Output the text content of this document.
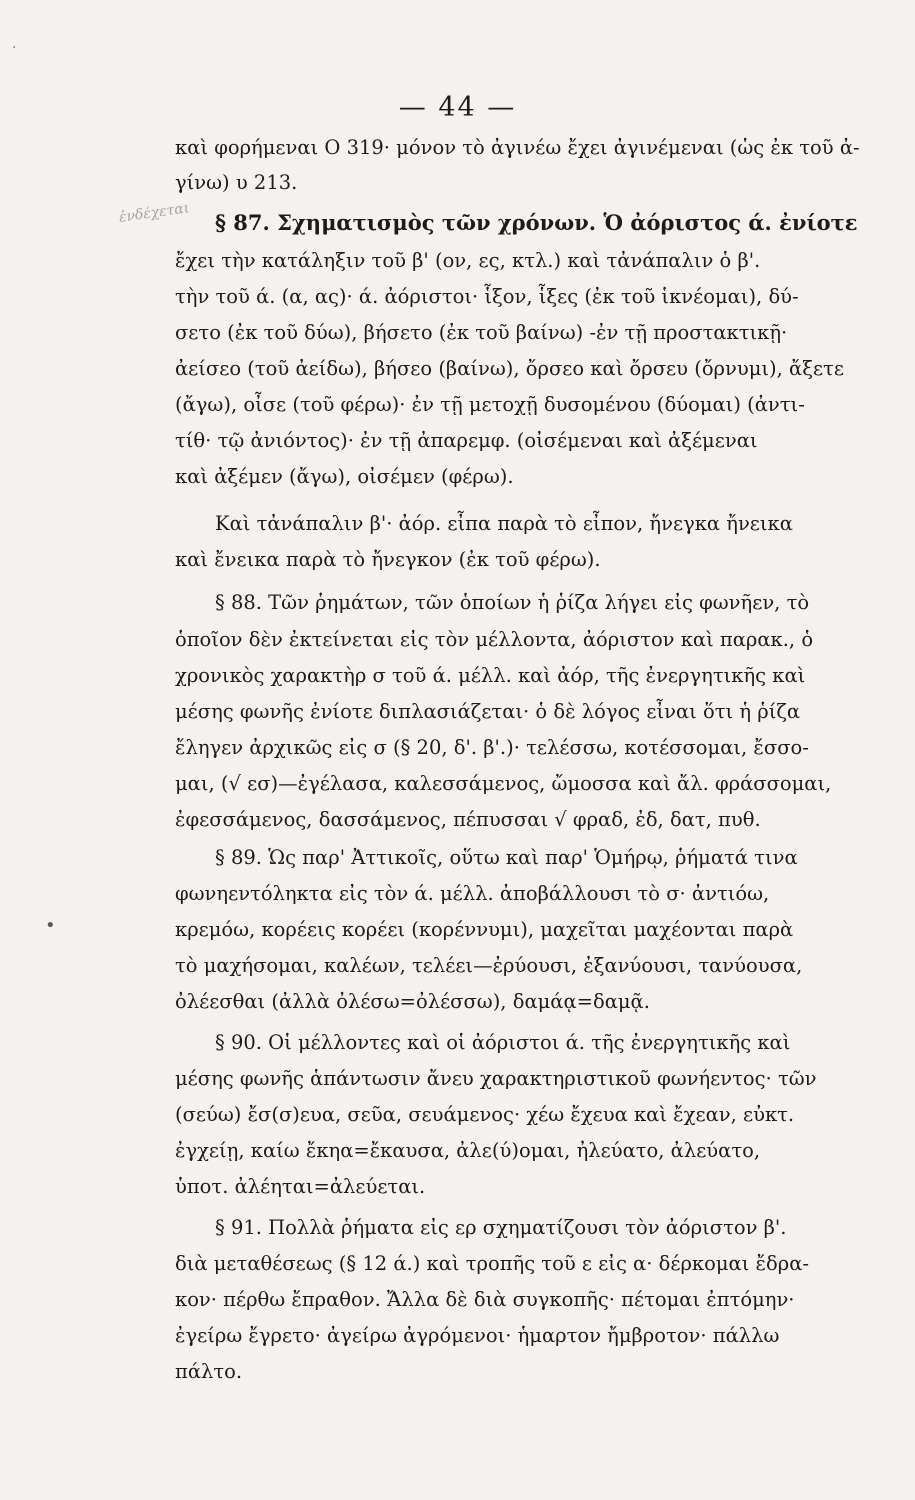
·
— 44 —
ἐνδέχεται
•
καὶ φορήμεναι Ο 319· μόνον τὸ ἀγινέω ἔχει ἀγινέμεναι (ὡς ἐκ τοῦ ἀ-
γίνω) υ 213.
§ 87. Σχηματισμὸς τῶν χρόνων. Ὁ ἀόριστος ά. ἐνίοτε
ἔχει τὴν κατάληξιν τοῦ β' (ον, ες, κτλ.) καὶ τἀνάπαλιν ὁ β'.
τὴν τοῦ ά. (α, ας)· ά. ἀόριστοι· ἷξον, ἷξες (ἐκ τοῦ ἱκνέομαι), δύ-
σετο (ἐκ τοῦ δύω), βήσετο (ἐκ τοῦ βαίνω) -ἐν τῇ προστακτικῇ·
ἀείσεο (τοῦ ἀείδω), βήσεο (βαίνω), ὄρσεο καὶ ὄρσευ (ὄρνυμι), ἄξετε
(ἄγω), οἶσε (τοῦ φέρω)· ἐν τῇ μετοχῇ δυσομένου (δύομαι) (ἀντι-
τίθ· τῷ ἀνιόντος)· ἐν τῇ ἀπαρεμφ. (οἰσέμεναι καὶ ἀξέμεναι
καὶ ἀξέμεν (ἄγω), οἰσέμεν (φέρω).
Καὶ τἀνάπαλιν β'· ἀόρ. εἶπα παρὰ τὸ εἶπον, ἤνεγκα ἤνεικα
καὶ ἔνεικα παρὰ τὸ ἤνεγκον (ἐκ τοῦ φέρω).
§ 88. Τῶν ῥημάτων, τῶν ὁποίων ἡ ῥίζα λήγει εἰς φωνῆεν, τὸ
ὁποῖον δὲν ἐκτείνεται εἰς τὸν μέλλοντα, ἀόριστον καὶ παρακ., ὁ
χρονικὸς χαρακτὴρ σ τοῦ ά. μέλλ. καὶ ἀόρ, τῆς ἐνεργητικῆς καὶ
μέσης φωνῆς ἐνίοτε διπλασιάζεται· ὁ δὲ λόγος εἶναι ὅτι ἡ ῥίζα
ἔληγεν ἀρχικῶς εἰς σ (§ 20, δ'. β'.)· τελέσσω, κοτέσσομαι, ἔσσο-
μαι, (√ εσ)—ἐγέλασα, καλεσσάμενος, ὤμοσσα καὶ ἄλ. φράσσομαι,
ἐφεσσάμενος, δασσάμενος, πέπυσσαι √ φραδ, ἐδ, δατ, πυθ.
§ 89. Ὡς παρ' Ἀττικοῖς, οὕτω καὶ παρ' Ὁμήρῳ, ῥήματά τινα
φωνηεντόληκτα εἰς τὸν ά. μέλλ. ἀποβάλλουσι τὸ σ· ἀντιόω,
κρεμόω, κορέεις κορέει (κορέννυμι), μαχεῖται μαχέονται παρὰ
τὸ μαχήσομαι, καλέων, τελέει—ἐρύουσι, ἐξανύουσι, τανύουσα,
ὀλέεσθαι (ἀλλὰ ὀλέσω=ὀλέσσω), δαμάᾳ=δαμᾷ.
§ 90. Οἱ μέλλοντες καὶ οἱ ἀόριστοι ά. τῆς ἐνεργητικῆς καὶ
μέσης φωνῆς ἁπάντωσιν ἄνευ χαρακτηριστικοῦ φωνήεντος· τῶν
(σεύω) ἔσ(σ)ευα, σεῦα, σευάμενος· χέω ἔχευα καὶ ἔχεαν, εὐκτ.
ἐγχείῃ, καίω ἔκηα=ἔκαυσα, ἀλε(ύ)ομαι, ἠλεύατο, ἀλεύατο,
ὑποτ. ἀλέηται=ἀλεύεται.
§ 91. Πολλὰ ῥήματα εἰς ερ σχηματίζουσι τὸν ἀόριστον β'.
διὰ μεταθέσεως (§ 12 ά.) καὶ τροπῆς τοῦ ε εἰς α· δέρκομαι ἔδρα-
κον· πέρθω ἔπραθον. Ἄλλα δὲ διὰ συγκοπῆς· πέτομαι ἐπτόμην·
ἐγείρω ἔγρετο· ἀγείρω ἀγρόμενοι· ἡμαρτον ἤμβροτον· πάλλω
πάλτο.
